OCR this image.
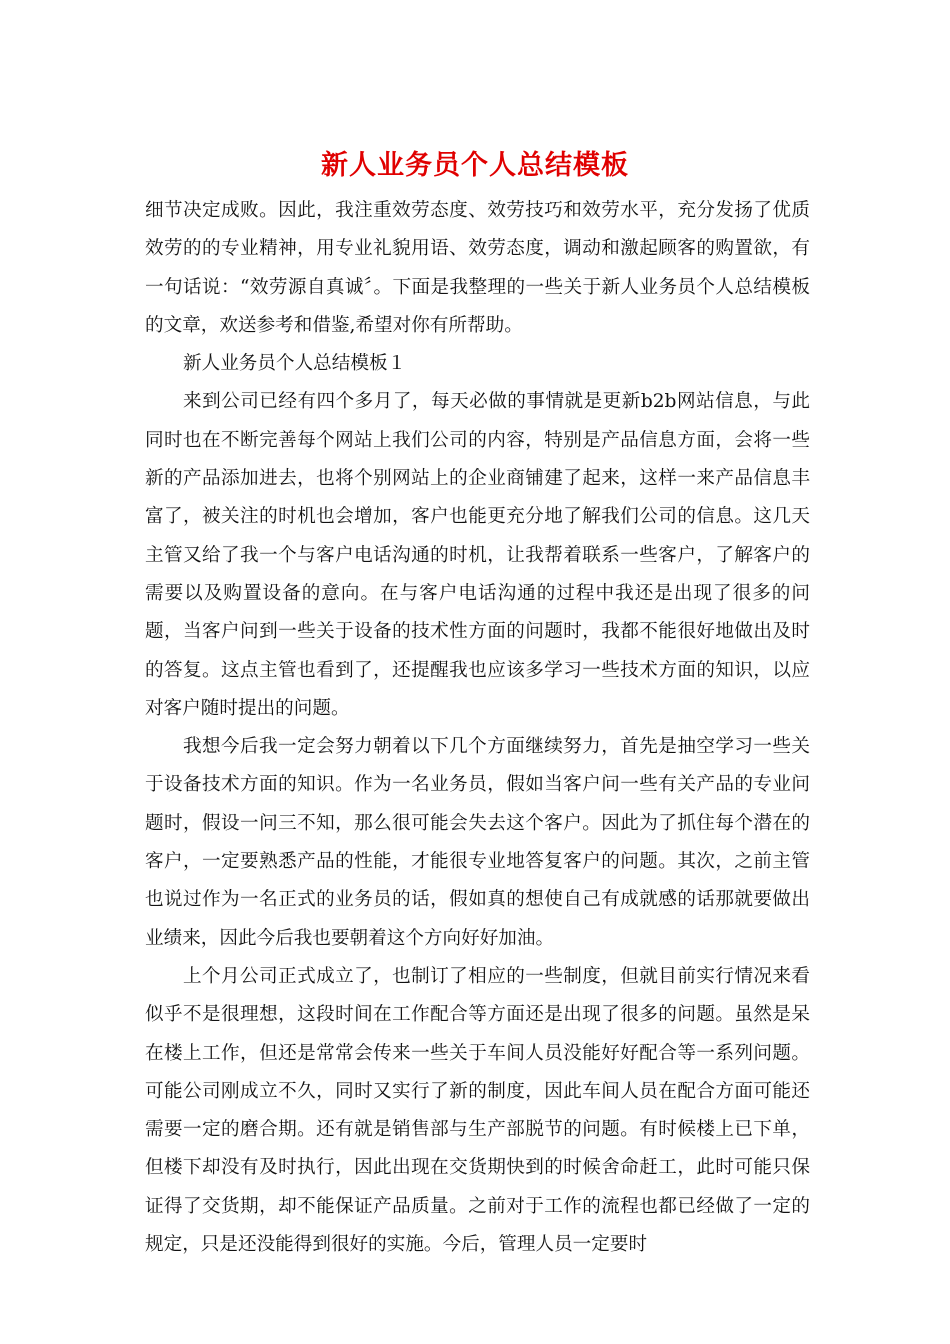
新人业务员个人总结模板

细节决定成败。因此，我注重效劳态度、效劳技巧和效劳水平，充分发扬了优质效劳的的专业精神，用专业礼貌用语、效劳态度，调动和激起顾客的购置欲，有一句话说：“效劳源自真诚〞。下面是我整理的一些关于新人业务员个人总结模板的文章，欢送参考和借鉴,希望对你有所帮助。

新人业务员个人总结模板１

来到公司已经有四个多月了，每天必做的事情就是更新b2b网站信息，与此同时也在不断完善每个网站上我们公司的内容，特别是产品信息方面，会将一些新的产品添加进去，也将个别网站上的企业商铺建了起来，这样一来产品信息丰富了，被关注的时机也会增加，客户也能更充分地了解我们公司的信息。这几天主管又给了我一个与客户电话沟通的时机，让我帮着联系一些客户，了解客户的需要以及购置设备的意向。在与客户电话沟通的过程中我还是出现了很多的问题，当客户问到一些关于设备的技术性方面的问题时，我都不能很好地做出及时的答复。这点主管也看到了，还提醒我也应该多学习一些技术方面的知识，以应对客户随时提出的问题。

我想今后我一定会努力朝着以下几个方面继续努力，首先是抽空学习一些关于设备技术方面的知识。作为一名业务员，假如当客户问一些有关产品的专业问题时，假设一问三不知，那么很可能会失去这个客户。因此为了抓住每个潜在的客户，一定要熟悉产品的性能，才能很专业地答复客户的问题。其次，之前主管也说过作为一名正式的业务员的话，假如真的想使自己有成就感的话那就要做出业绩来，因此今后我也要朝着这个方向好好加油。

上个月公司正式成立了，也制订了相应的一些制度，但就目前实行情况来看似乎不是很理想，这段时间在工作配合等方面还是出现了很多的问题。虽然是呆在楼上工作，但还是常常会传来一些关于车间人员没能好好配合等一系列问题。可能公司刚成立不久，同时又实行了新的制度，因此车间人员在配合方面可能还需要一定的磨合期。还有就是销售部与生产部脱节的问题。有时候楼上已下单，但楼下却没有及时执行，因此出现在交货期快到的时候舍命赶工，此时可能只保证得了交货期，却不能保证产品质量。之前对于工作的流程也都已经做了一定的规定，只是还没能得到很好的实施。今后，管理人员一定要时
